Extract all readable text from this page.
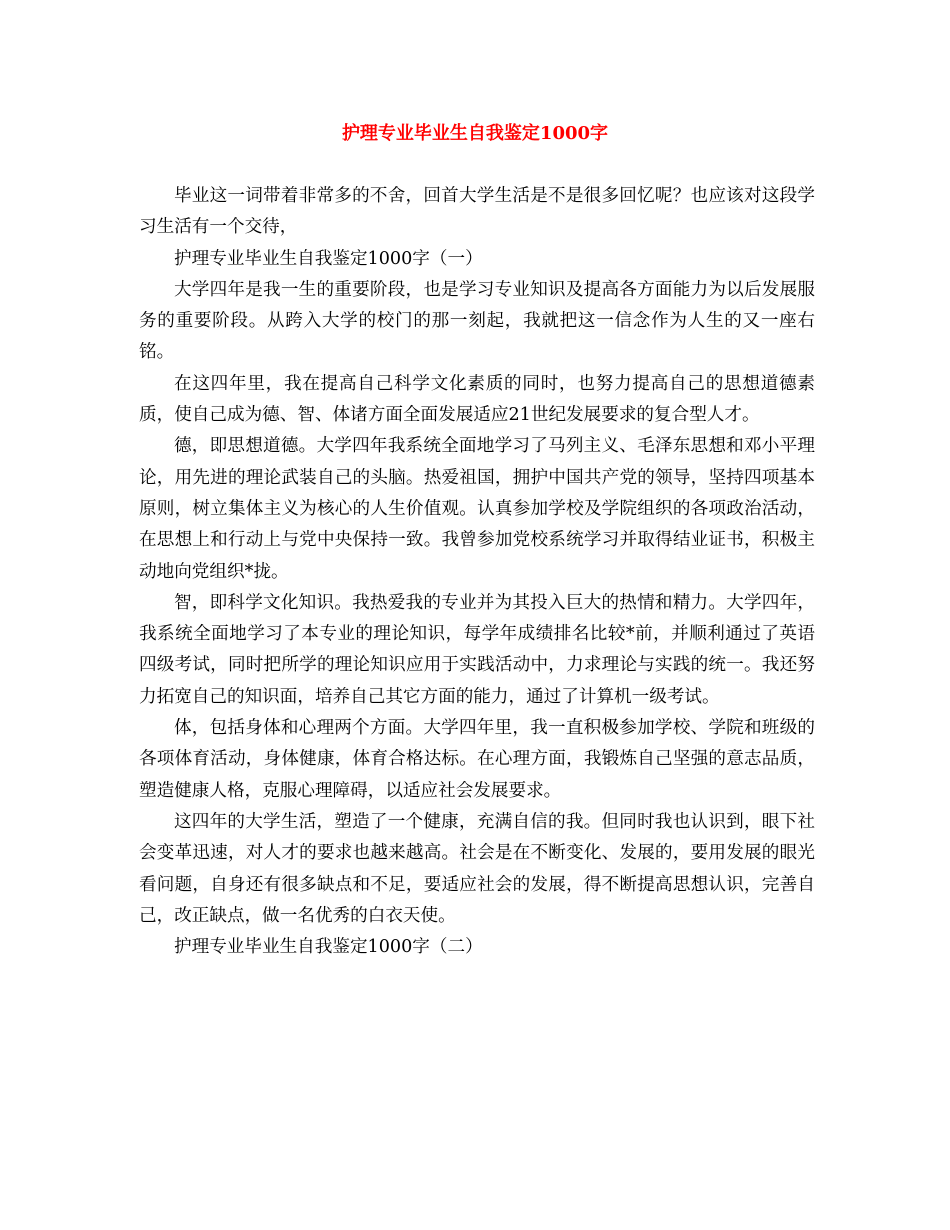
护理专业毕业生自我鉴定1000字

毕业这一词带着非常多的不舍，回首大学生活是不是很多回忆呢？也应该对这段学习生活有一个交待，

护理专业毕业生自我鉴定1000字（一）

大学四年是我一生的重要阶段，也是学习专业知识及提高各方面能力为以后发展服务的重要阶段。从跨入大学的校门的那一刻起，我就把这一信念作为人生的又一座右铭。

在这四年里，我在提高自己科学文化素质的同时，也努力提高自己的思想道德素质，使自己成为德、智、体诸方面全面发展适应21世纪发展要求的复合型人才。

德，即思想道德。大学四年我系统全面地学习了马列主义、毛泽东思想和邓小平理论，用先进的理论武装自己的头脑。热爱祖国，拥护中国共产党的领导，坚持四项基本原则，树立集体主义为核心的人生价值观。认真参加学校及学院组织的各项政治活动，在思想上和行动上与党中央保持一致。我曾参加党校系统学习并取得结业证书，积极主动地向党组织*拢。

智，即科学文化知识。我热爱我的专业并为其投入巨大的热情和精力。大学四年，我系统全面地学习了本专业的理论知识，每学年成绩排名比较*前，并顺利通过了英语四级考试，同时把所学的理论知识应用于实践活动中，力求理论与实践的统一。我还努力拓宽自己的知识面，培养自己其它方面的能力，通过了计算机一级考试。

体，包括身体和心理两个方面。大学四年里，我一直积极参加学校、学院和班级的各项体育活动，身体健康，体育合格达标。在心理方面，我锻炼自己坚强的意志品质，塑造健康人格，克服心理障碍，以适应社会发展要求。

这四年的大学生活，塑造了一个健康，充满自信的我。但同时我也认识到，眼下社会变革迅速，对人才的要求也越来越高。社会是在不断变化、发展的，要用发展的眼光看问题，自身还有很多缺点和不足，要适应社会的发展，得不断提高思想认识，完善自己，改正缺点，做一名优秀的白衣天使。

护理专业毕业生自我鉴定1000字（二）
